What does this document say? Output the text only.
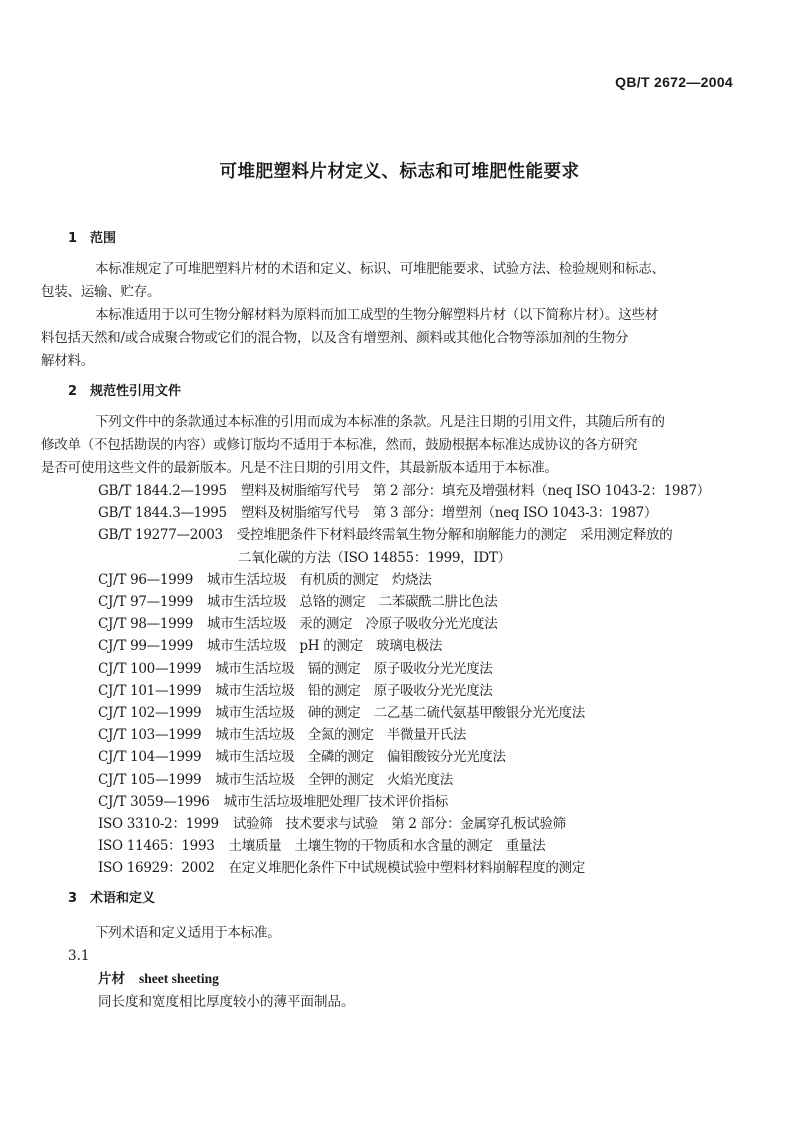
QB/T 2672—2004
可堆肥塑料片材定义、标志和可堆肥性能要求
1 范围
本标准规定了可堆肥塑料片材的术语和定义、标识、可堆肥能要求、试验方法、检验规则和标志、
包装、运输、贮存。
本标准适用于以可生物分解材料为原料而加工成型的生物分解塑料片材（以下简称片材）。这些材
料包括天然和/或合成聚合物或它们的混合物，以及含有增塑剂、颜料或其他化合物等添加剂的生物分
解材料。
2 规范性引用文件
下列文件中的条款通过本标准的引用而成为本标准的条款。凡是注日期的引用文件，其随后所有的
修改单（不包括勘误的内容）或修订版均不适用于本标准，然而，鼓励根据本标准达成协议的各方研究
是否可使用这些文件的最新版本。凡是不注日期的引用文件，其最新版本适用于本标准。
GB/T 1844.2—1995 塑料及树脂缩写代号　第 2 部分：填充及增强材料（neq ISO 1043-2：1987）
GB/T 1844.3—1995 塑料及树脂缩写代号　第 3 部分：增塑剂（neq ISO 1043-3：1987）
GB/T 19277—2003 受控堆肥条件下材料最终需氧生物分解和崩解能力的测定　采用测定释放的
二氧化碳的方法（ISO 14855：1999，IDT）
CJ/T 96—1999 城市生活垃圾　有机质的测定　灼烧法
CJ/T 97—1999 城市生活垃圾　总铬的测定　二苯碳酰二肼比色法
CJ/T 98—1999 城市生活垃圾　汞的测定　冷原子吸收分光光度法
CJ/T 99—1999 城市生活垃圾　pH 的测定　玻璃电极法
CJ/T 100—1999 城市生活垃圾　镉的测定　原子吸收分光光度法
CJ/T 101—1999 城市生活垃圾　铅的测定　原子吸收分光光度法
CJ/T 102—1999 城市生活垃圾　砷的测定　二乙基二硫代氨基甲酸银分光光度法
CJ/T 103—1999 城市生活垃圾　全氮的测定　半微量开氏法
CJ/T 104—1999 城市生活垃圾　全磷的测定　偏钼酸铵分光光度法
CJ/T 105—1999 城市生活垃圾　全钾的测定　火焰光度法
CJ/T 3059—1996 城市生活垃圾堆肥处理厂技术评价指标
ISO 3310-2：1999 试验筛　技术要求与试验　第 2 部分：金属穿孔板试验筛
ISO 11465：1993 土壤质量　土壤生物的干物质和水含量的测定　重量法
ISO 16929：2002 在定义堆肥化条件下中试规模试验中塑料材料崩解程度的测定
3 术语和定义
下列术语和定义适用于本标准。
3.1
片材 sheet sheeting
同长度和宽度相比厚度较小的薄平面制品。
